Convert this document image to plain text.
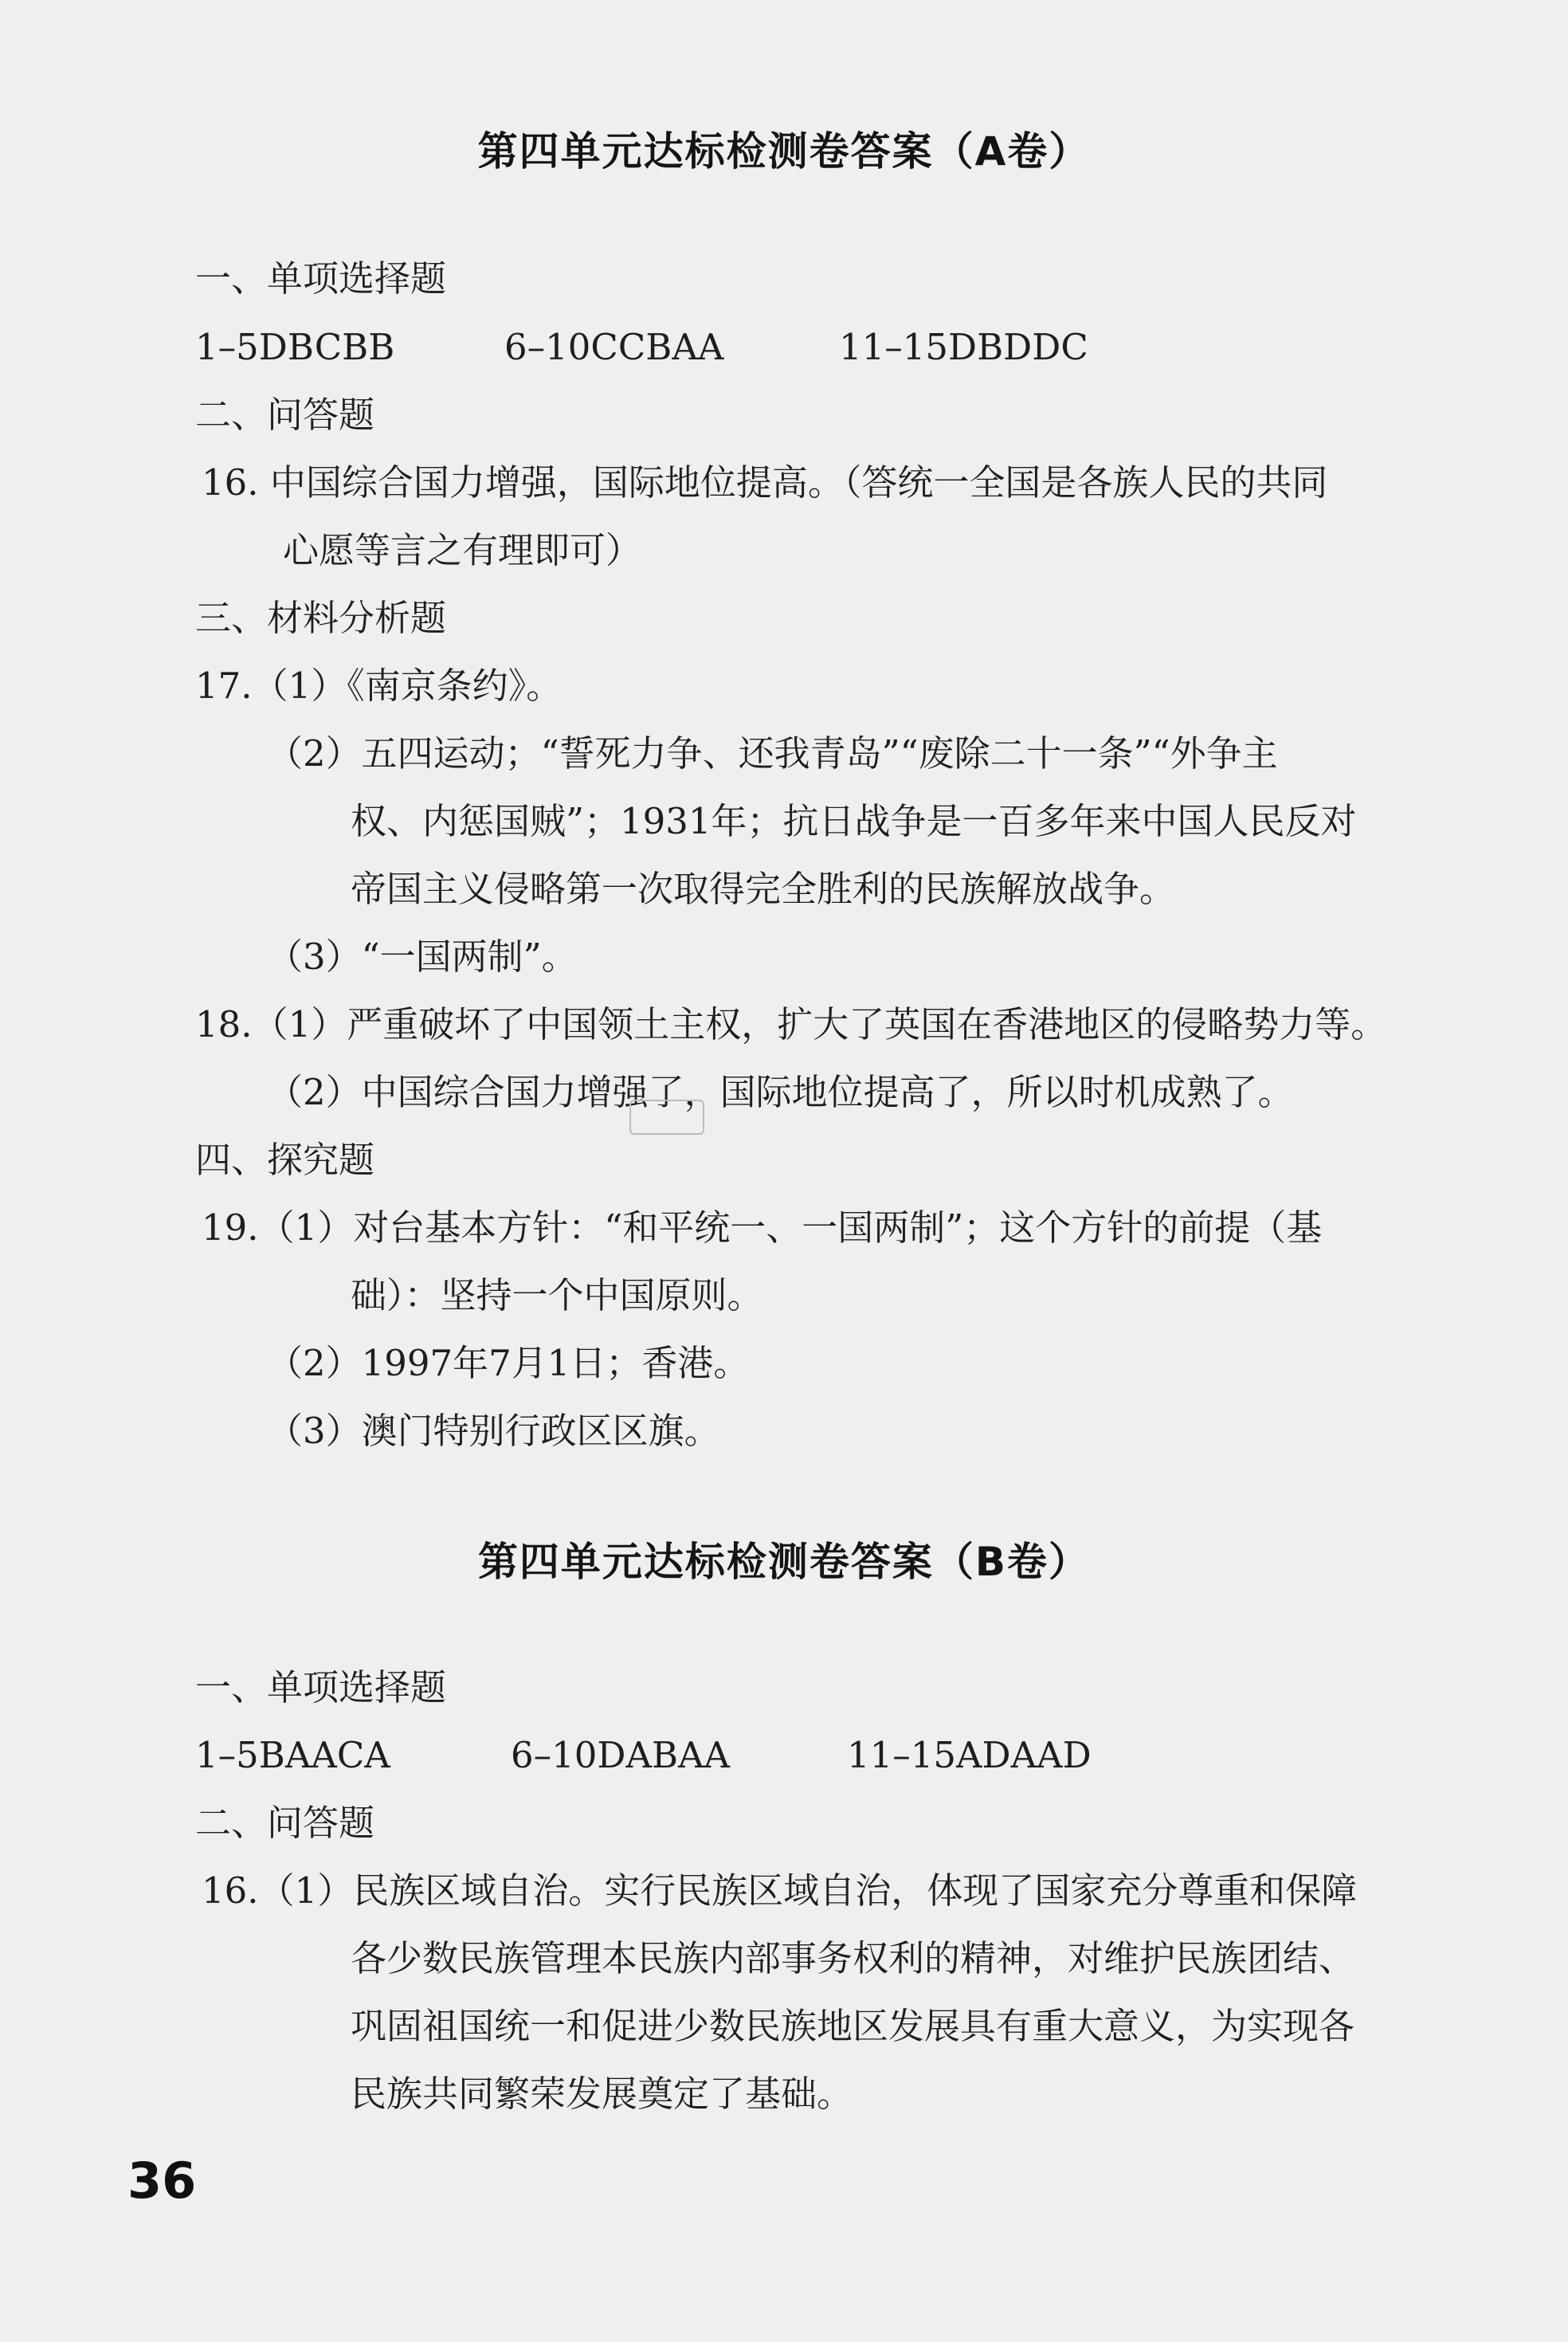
第四单元达标检测卷答案（A卷）
一、单项选择题
1–5DBCBB	6–10CCBAA	11–15DBDDC
二、问答题
16. 中国综合国力增强，国际地位提高。（答统一全国是各族人民的共同
心愿等言之有理即可）
三、材料分析题
17.（1）《南京条约》。
（2）五四运动；“誓死力争、还我青岛”“废除二十一条”“外争主
权、内惩国贼”；1931年；抗日战争是一百多年来中国人民反对
帝国主义侵略第一次取得完全胜利的民族解放战争。
（3）“一国两制”。
18.（1）严重破坏了中国领土主权，扩大了英国在香港地区的侵略势力等。
（2）中国综合国力增强了，国际地位提高了，所以时机成熟了。
四、探究题
19.（1）对台基本方针：“和平统一、一国两制”；这个方针的前提（基
础）：坚持一个中国原则。
（2）1997年7月1日；香港。
（3）澳门特别行政区区旗。
第四单元达标检测卷答案（B卷）
一、单项选择题
1–5BAACA	6–10DABAA	11–15ADAAD
二、问答题
16.（1）民族区域自治。实行民族区域自治，体现了国家充分尊重和保障
各少数民族管理本民族内部事务权利的精神，对维护民族团结、
巩固祖国统一和促进少数民族地区发展具有重大意义，为实现各
民族共同繁荣发展奠定了基础。
36
